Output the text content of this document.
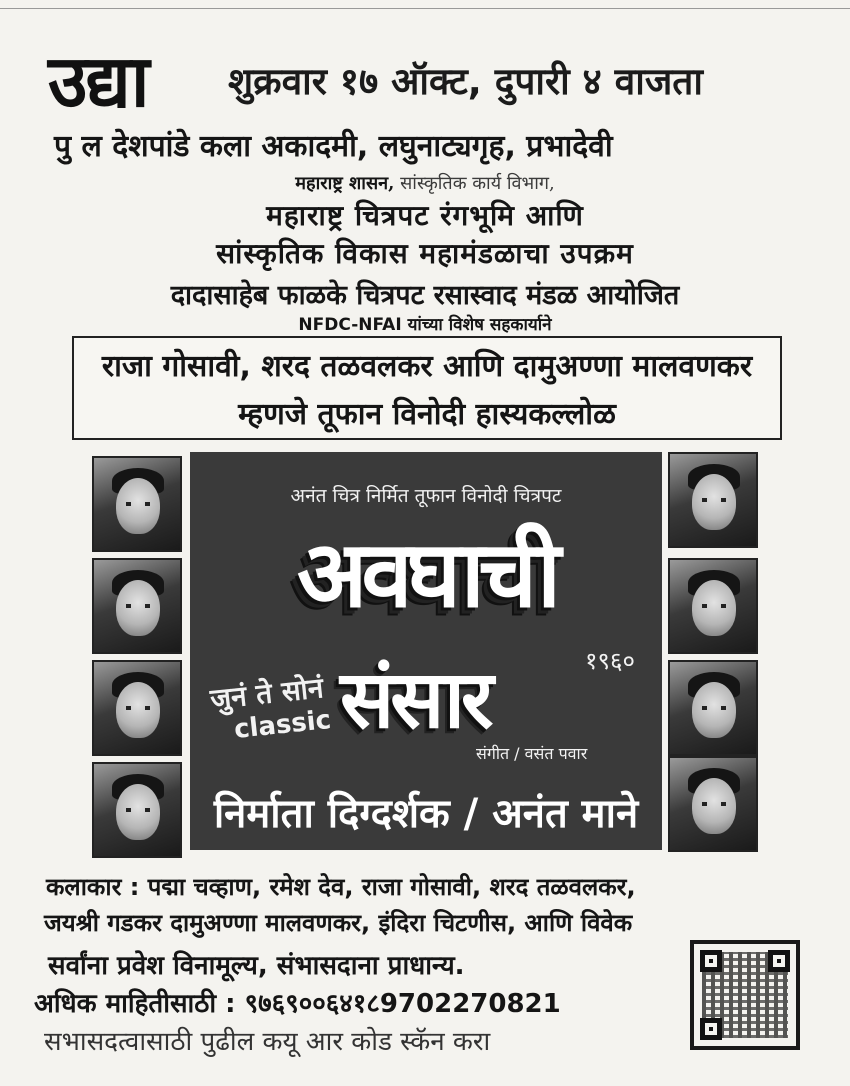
उद्या शुक्रवार १७ ऑक्ट, दुपारी ४ वाजता
पु ल देशपांडे कला अकादमी, लघुनाट्यगृह, प्रभादेवी
महाराष्ट्र शासन, सांस्कृतिक कार्य विभाग,
महाराष्ट्र चित्रपट रंगभूमि आणि
सांस्कृतिक विकास महामंडळाचा उपक्रम
दादासाहेब फाळके चित्रपट रसास्वाद मंडळ आयोजित
NFDC-NFAI यांच्या विशेष सहकार्याने
राजा गोसावी, शरद तळवलकर आणि दामुअण्णा मालवणकर
म्हणजे तूफान विनोदी हास्यकल्लोळ
अनंत चित्र निर्मित तूफान विनोदी चित्रपट
अवघाची
१९६०
जुनं ते सोनं
classic संसार
संगीत / वसंत पवार
निर्माता दिग्दर्शक / अनंत माने
कलाकार : पद्मा चव्हाण, रमेश देव, राजा गोसावी, शरद तळवलकर,
जयश्री गडकर दामुअण्णा मालवणकर, इंदिरा चिटणीस, आणि विवेक
सर्वांना प्रवेश विनामूल्य, संभासदाना प्राधान्य.
अधिक माहितीसाठी : ९७६९००६४१८9702270821
सभासदत्वासाठी पुढील कयू आर कोड स्कॅन करा
